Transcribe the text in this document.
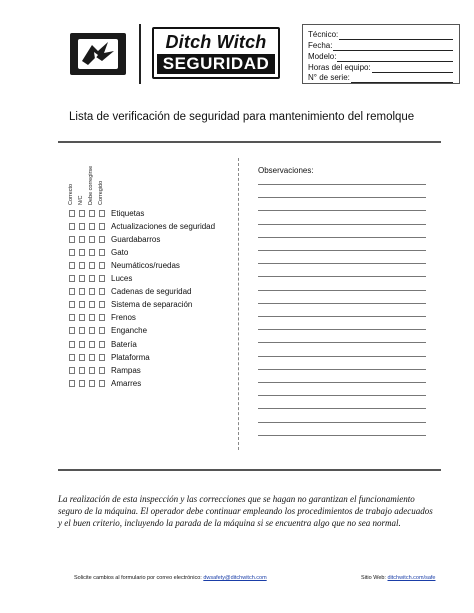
Ditch Witch
SEGURIDAD
Técnico:
Fecha:
Modelo:
Horas del equipo:
N° de serie:
Lista de verificación de seguridad para mantenimiento del remolque
Correcto N/C Debe corregirse Corregido
Etiquetas
Actualizaciones de seguridad
Guardabarros
Gato
Neumáticos/ruedas
Luces
Cadenas de seguridad
Sistema de separación
Frenos
Enganche
Batería
Plataforma
Rampas
Amarres
Observaciones:
La realización de esta inspección y las correcciones que se hagan no garantizan el funcionamiento seguro de la máquina. El operador debe continuar empleando los procedimientos de trabajo adecuados y el buen criterio, incluyendo la parada de la máquina si se encuentra algo que no sea normal.
Solicite cambios al formulario por correo electrónico: dwsafety@ditchwitch.com	Sitio Web: ditchwitch.com/safe
